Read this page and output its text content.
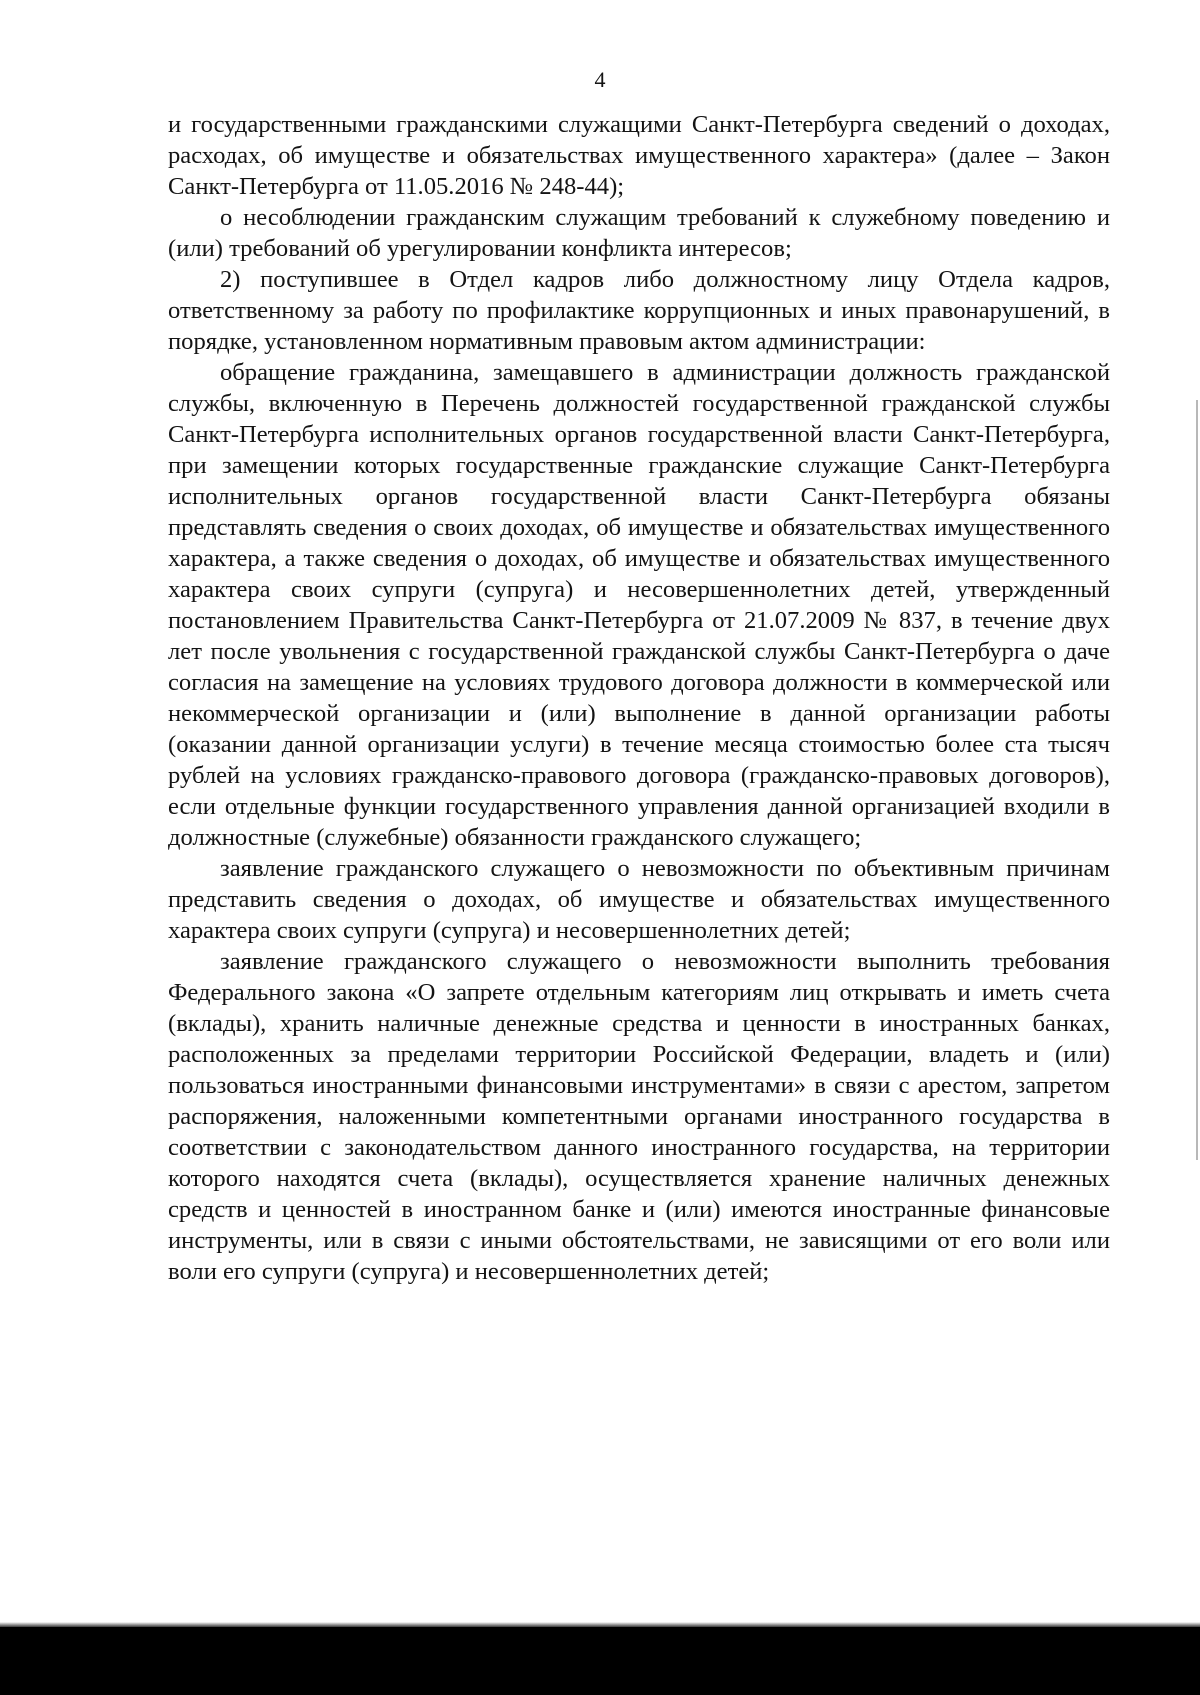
4

и государственными гражданскими служащими Санкт-Петербурга сведений о доходах, расходах, об имуществе и обязательствах имущественного характера» (далее – Закон Санкт-Петербурга от 11.05.2016 № 248-44);

о несоблюдении гражданским служащим требований к служебному поведению и (или) требований об урегулировании конфликта интересов;

2) поступившее в Отдел кадров либо должностному лицу Отдела кадров, ответственному за работу по профилактике коррупционных и иных правонарушений, в порядке, установленном нормативным правовым актом администрации:

обращение гражданина, замещавшего в администрации должность гражданской службы, включенную в Перечень должностей государственной гражданской службы Санкт-Петербурга исполнительных органов государственной власти Санкт-Петербурга, при замещении которых государственные гражданские служащие Санкт-Петербурга исполнительных органов государственной власти Санкт-Петербурга обязаны представлять сведения о своих доходах, об имуществе и обязательствах имущественного характера, а также сведения о доходах, об имуществе и обязательствах имущественного характера своих супруги (супруга) и несовершеннолетних детей, утвержденный постановлением Правительства Санкт-Петербурга от 21.07.2009 № 837, в течение двух лет после увольнения с государственной гражданской службы Санкт-Петербурга о даче согласия на замещение на условиях трудового договора должности в коммерческой или некоммерческой организации и (или) выполнение в данной организации работы (оказании данной организации услуги) в течение месяца стоимостью более ста тысяч рублей на условиях гражданско-правового договора (гражданско-правовых договоров), если отдельные функции государственного управления данной организацией входили в должностные (служебные) обязанности гражданского служащего;

заявление гражданского служащего о невозможности по объективным причинам представить сведения о доходах, об имуществе и обязательствах имущественного характера своих супруги (супруга) и несовершеннолетних детей;

заявление гражданского служащего о невозможности выполнить требования Федерального закона «О запрете отдельным категориям лиц открывать и иметь счета (вклады), хранить наличные денежные средства и ценности в иностранных банках, расположенных за пределами территории Российской Федерации, владеть и (или) пользоваться иностранными финансовыми инструментами» в связи с арестом, запретом распоряжения, наложенными компетентными органами иностранного государства в соответствии с законодательством данного иностранного государства, на территории которого находятся счета (вклады), осуществляется хранение наличных денежных средств и ценностей в иностранном банке и (или) имеются иностранные финансовые инструменты, или в связи с иными обстоятельствами, не зависящими от его воли или воли его супруги (супруга) и несовершеннолетних детей;
